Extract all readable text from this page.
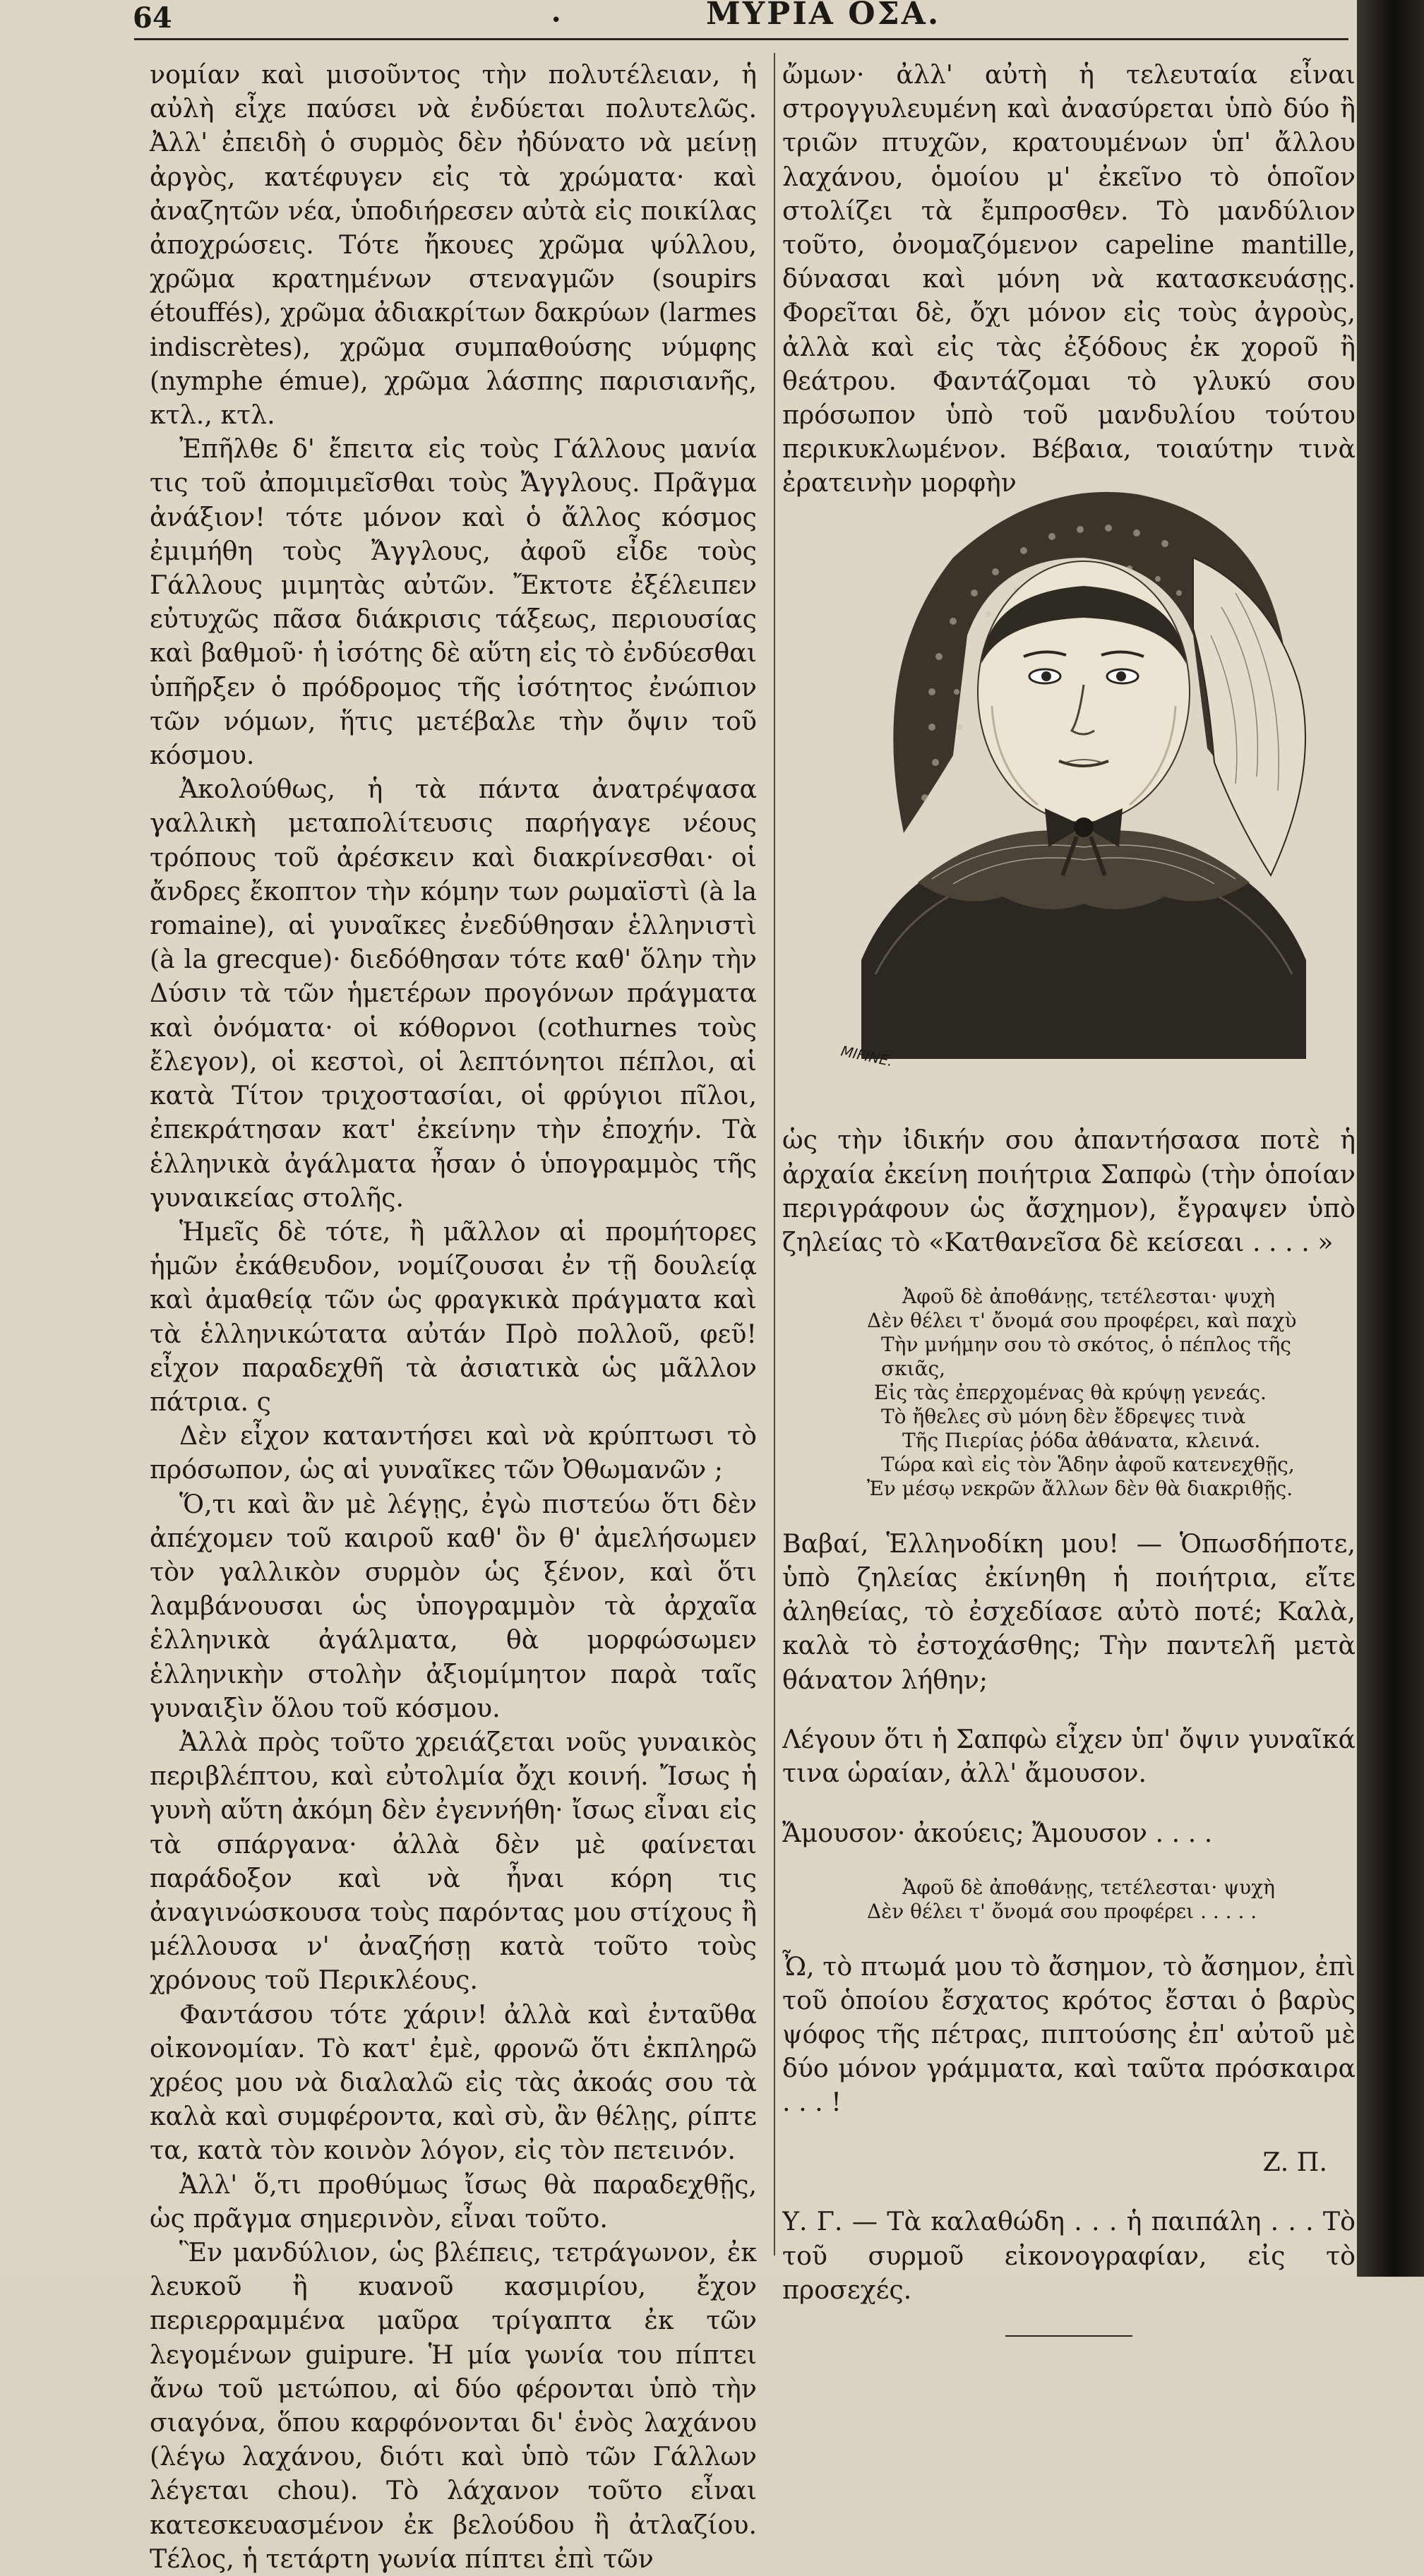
64	•	ΜΥΡΙΑ ΟΣΑ.

νομίαν καὶ μισοῦντος τὴν πολυτέλειαν, ἡ αὐλὴ εἶχε παύσει νὰ ἐνδύεται πολυτελῶς. Ἀλλ' ἐπειδὴ ὁ συρμὸς δὲν ἠδύνατο νὰ μείνῃ ἀργὸς, κατέφυγεν εἰς τὰ χρώματα· καὶ ἀναζητῶν νέα, ὑποδιήρεσεν αὐτὰ εἰς ποικίλας ἀποχρώσεις. Τότε ἤκουες χρῶμα ψύλλου, χρῶμα κρατημένων στεναγμῶν (soupirs étouffés), χρῶμα ἀδιακρίτων δακρύων (larmes indiscrètes), χρῶμα συμπαθούσης νύμφης (nymphe émue), χρῶμα λάσπης παρισιανῆς, κτλ., κτλ.

Ἐπῆλθε δ' ἔπειτα εἰς τοὺς Γάλλους μανία τις τοῦ ἀπομιμεῖσθαι τοὺς Ἄγγλους. Πρᾶγμα ἀνάξιον! τότε μόνον καὶ ὁ ἄλλος κόσμος ἐμιμήθη τοὺς Ἄγγλους, ἀφοῦ εἶδε τοὺς Γάλλους μιμητὰς αὐτῶν. Ἔκτοτε ἐξέλειπεν εὐτυχῶς πᾶσα διάκρισις τάξεως, περιουσίας καὶ βαθμοῦ· ἡ ἰσότης δὲ αὕτη εἰς τὸ ἐνδύεσθαι ὑπῆρξεν ὁ πρόδρομος τῆς ἰσότητος ἐνώπιον τῶν νόμων, ἥτις μετέβαλε τὴν ὄψιν τοῦ κόσμου.

Ἀκολούθως, ἡ τὰ πάντα ἀνατρέψασα γαλλικὴ μεταπολίτευσις παρήγαγε νέους τρόπους τοῦ ἀρέσκειν καὶ διακρίνεσθαι· οἱ ἄνδρες ἔκοπτον τὴν κόμην των ρωμαϊστὶ (à la romaine), αἱ γυναῖκες ἐνεδύθησαν ἑλληνιστὶ (à la grecque)· διεδόθησαν τότε καθ' ὅλην τὴν Δύσιν τὰ τῶν ἡμετέρων προγόνων πράγματα καὶ ὀνόματα· οἱ κόθορνοι (cothurnes τοὺς ἔλεγον), οἱ κεστοὶ, οἱ λεπτόνητοι πέπλοι, αἱ κατὰ Τίτον τριχοστασίαι, οἱ φρύγιοι πῖλοι, ἐπεκράτησαν κατ' ἐκείνην τὴν ἐποχήν. Τὰ ἑλληνικὰ ἀγάλματα ἦσαν ὁ ὑπογραμμὸς τῆς γυναικείας στολῆς.

Ἡμεῖς δὲ τότε, ἢ μᾶλλον αἱ προμήτορες ἡμῶν ἐκάθευδον, νομίζουσαι ἐν τῇ δουλείᾳ καὶ ἀμαθείᾳ τῶν ὡς φραγκικὰ πράγματα καὶ τὰ ἑλληνικώτατα αὐτάν Πρὸ πολλοῦ, φεῦ! εἶχον παραδεχθῆ τὰ ἀσιατικὰ ὡς μᾶλλον πάτρια. ς

Δὲν εἶχον καταντήσει καὶ νὰ κρύπτωσι τὸ πρόσωπον, ὡς αἱ γυναῖκες τῶν Ὀθωμανῶν ;

Ὅ,τι καὶ ἂν μὲ λέγῃς, ἐγὼ πιστεύω ὅτι δὲν ἀπέχομεν τοῦ καιροῦ καθ' ὃν θ' ἀμελήσωμεν τὸν γαλλικὸν συρμὸν ὡς ξένον, καὶ ὅτι λαμβάνουσαι ὡς ὑπογραμμὸν τὰ ἀρχαῖα ἑλληνικὰ ἀγάλματα, θὰ μορφώσωμεν ἑλληνικὴν στολὴν ἀξιομίμητον παρὰ ταῖς γυναιξὶν ὅλου τοῦ κόσμου.

Ἀλλὰ πρὸς τοῦτο χρειάζεται νοῦς γυναικὸς περιβλέπτου, καὶ εὐτολμία ὄχι κοινή. Ἴσως ἡ γυνὴ αὕτη ἀκόμη δὲν ἐγεννήθη· ἴσως εἶναι εἰς τὰ σπάργανα· ἀλλὰ δὲν μὲ φαίνεται παράδοξον καὶ νὰ ἦναι κόρη τις ἀναγινώσκουσα τοὺς παρόντας μου στίχους ἢ μέλλουσα ν' ἀναζήσῃ κατὰ τοῦτο τοὺς χρόνους τοῦ Περικλέους.

Φαντάσου τότε χάριν! ἀλλὰ καὶ ἐνταῦθα οἰκονομίαν. Τὸ κατ' ἐμὲ, φρονῶ ὅτι ἐκπληρῶ χρέος μου νὰ διαλαλῶ εἰς τὰς ἀκοάς σου τὰ καλὰ καὶ συμφέροντα, καὶ σὺ, ἂν θέλῃς, ρίπτε τα, κατὰ τὸν κοινὸν λόγον, εἰς τὸν πετεινόν.

Ἀλλ' ὅ,τι προθύμως ἴσως θὰ παραδεχθῇς, ὡς πρᾶγμα σημερινὸν, εἶναι τοῦτο.

Ἓν μανδύλιον, ὡς βλέπεις, τετράγωνον, ἐκ λευκοῦ ἢ κυανοῦ κασμιρίου, ἔχον περιερραμμένα μαῦρα τρίγαπτα ἐκ τῶν λεγομένων guipure. Ἡ μία γωνία του πίπτει ἄνω τοῦ μετώπου, αἱ δύο φέρονται ὑπὸ τὴν σιαγόνα, ὅπου καρφόνονται δι' ἑνὸς λαχάνου (λέγω λαχάνου, διότι καὶ ὑπὸ τῶν Γάλλων λέγεται chou). Τὸ λάχανον τοῦτο εἶναι κατεσκευασμένον ἐκ βελούδου ἢ ἀτλαζίου. Τέλος, ἡ τετάρτη γωνία πίπτει ἐπὶ τῶν

ὤμων· ἀλλ' αὐτὴ ἡ τελευταία εἶναι στρογγυλευμένη καὶ ἀνασύρεται ὑπὸ δύο ἢ τριῶν πτυχῶν, κρατουμένων ὑπ' ἄλλου λαχάνου, ὁμοίου μ' ἐκεῖνο τὸ ὁποῖον στολίζει τὰ ἔμπροσθεν. Τὸ μανδύλιον τοῦτο, ὀνομαζόμενον capeline mantille, δύνασαι καὶ μόνη νὰ κατασκευάσῃς. Φορεῖται δὲ, ὄχι μόνον εἰς τοὺς ἀγροὺς, ἀλλὰ καὶ εἰς τὰς ἐξόδους ἐκ χοροῦ ἢ θεάτρου. Φαντάζομαι τὸ γλυκύ σου πρόσωπον ὑπὸ τοῦ μανδυλίου τούτου περικυκλωμένον. Βέβαια, τοιαύτην τινὰ ἐρατεινὴν μορφὴν

MIFINE.

ὡς τὴν ἰδικήν σου ἀπαντήσασα ποτὲ ἡ ἀρχαία ἐκείνη ποιήτρια Σαπφὼ (τὴν ὁποίαν περιγράφουν ὡς ἄσχημον), ἔγραψεν ὑπὸ ζηλείας τὸ «Κατθανεῖσα δὲ κείσεαι . . . . »

Ἀφοῦ δὲ ἀποθάνῃς, τετέλεσται· ψυχὴ
Δὲν θέλει τ' ὄνομά σου προφέρει, καὶ παχὺ
Τὴν μνήμην σου τὸ σκότος, ὁ πέπλος τῆς σκιᾶς,
Εἰς τὰς ἐπερχομένας θὰ κρύψῃ γενεάς.
Τὸ ἤθελες σὺ μόνη δὲν ἔδρεψες τινὰ
Τῆς Πιερίας ῥόδα ἀθάνατα, κλεινά.
Τώρα καὶ εἰς τὸν Ἅδην ἀφοῦ κατενεχθῇς,
Ἐν μέσῳ νεκρῶν ἄλλων δὲν θὰ διακριθῇς.

Βαβαί, Ἑλληνοδίκη μου! — Ὁπωσδήποτε, ὑπὸ ζηλείας ἐκίνηθη ἡ ποιήτρια, εἴτε ἀληθείας, τὸ ἐσχεδίασε αὐτὸ ποτέ; Καλὰ, καλὰ τὸ ἐστοχάσθης; Τὴν παντελῆ μετὰ θάνατον λήθην;

Λέγουν ὅτι ἡ Σαπφὼ εἶχεν ὑπ' ὄψιν γυναῖκά τινα ὡραίαν, ἀλλ' ἄμουσον.

Ἄμουσον· ἀκούεις; Ἄμουσον . . . .

Ἀφοῦ δὲ ἀποθάνῃς, τετέλεσται· ψυχὴ
Δὲν θέλει τ' ὄνομά σου προφέρει . . . . .

Ὦ, τὸ πτωμά μου τὸ ἄσημον, τὸ ἄσημον, ἐπὶ τοῦ ὁποίου ἔσχατος κρότος ἔσται ὁ βαρὺς ψόφος τῆς πέτρας, πιπτούσης ἐπ' αὐτοῦ μὲ δύο μόνον γράμματα, καὶ ταῦτα πρόσκαιρα . . . !

Ζ. Π.

Υ. Γ. — Τὰ καλαθώδη . . . ἡ παιπάλη . . . Τὸ τοῦ συρμοῦ εἰκονογραφίαν, εἰς τὸ προσεχές.
